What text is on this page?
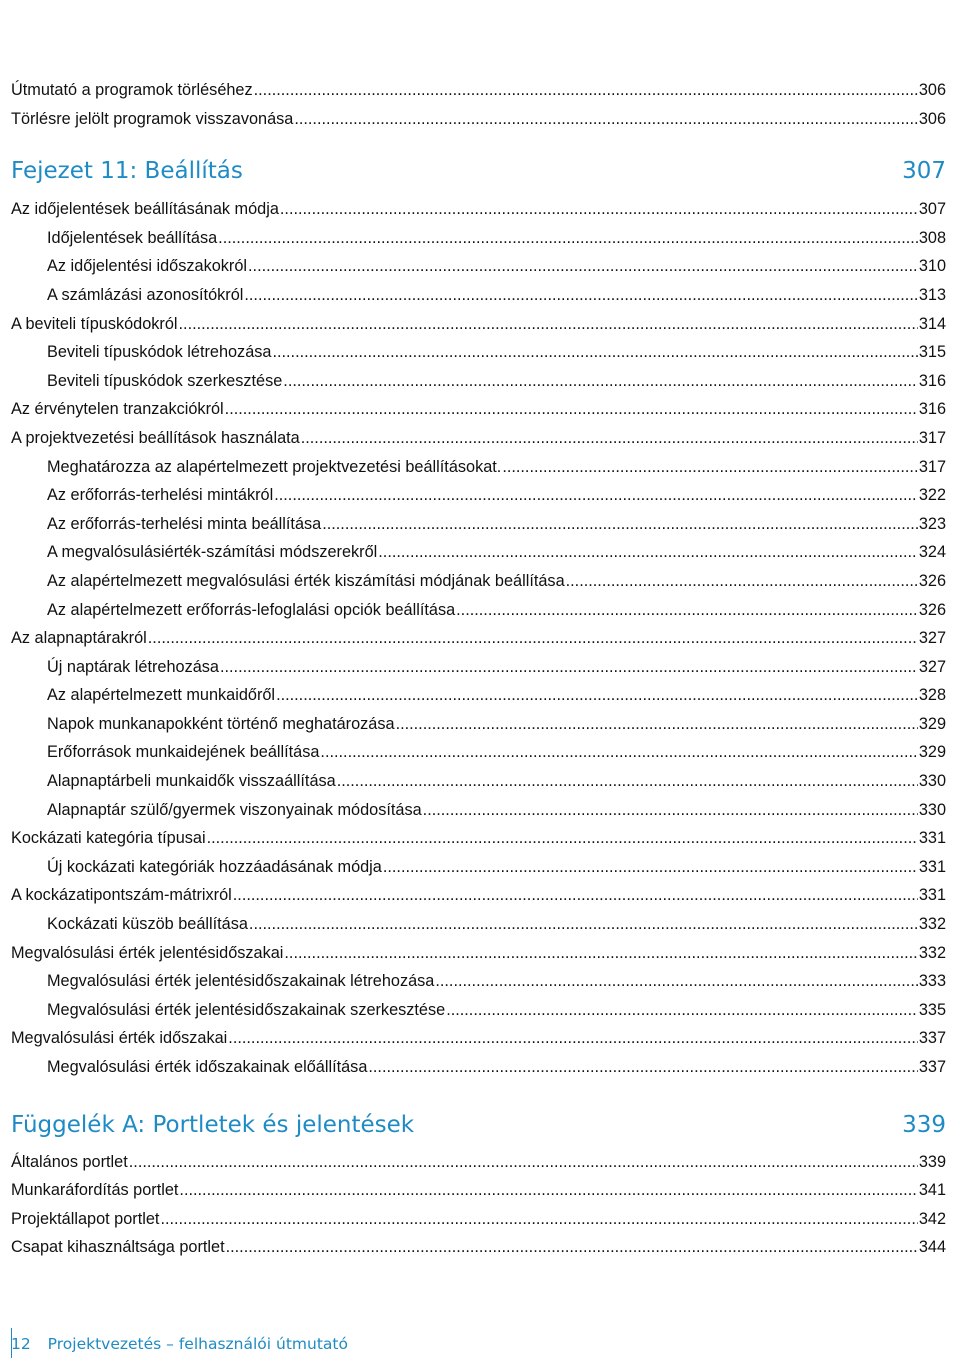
Útmutató a programok törléséhez .....	306
Törlésre jelölt programok visszavonása .....	306
Fejezet 11: Beállítás	307
Az időjelentések beállításának módja .....	307
Időjelentések beállítása .....	308
Az időjelentési időszakokról .....	310
A számlázási azonosítókról .....	313
A beviteli típuskódokról .....	314
Beviteli típuskódok létrehozása .....	315
Beviteli típuskódok szerkesztése .....	316
Az érvénytelen tranzakciókról .....	316
A projektvezetési beállítások használata .....	317
Meghatározza az alapértelmezett projektvezetési beállításokat. .....	317
Az erőforrás-terhelési mintákról .....	322
Az erőforrás-terhelési minta beállítása .....	323
A megvalósulásiérték-számítási módszerekről .....	324
Az alapértelmezett megvalósulási érték kiszámítási módjának beállítása .....	326
Az alapértelmezett erőforrás-lefoglalási opciók beállítása .....	326
Az alapnaptárakról .....	327
Új naptárak létrehozása .....	327
Az alapértelmezett munkaidőről .....	328
Napok munkanapokként történő meghatározása .....	329
Erőforrások munkaidejének beállítása .....	329
Alapnaptárbeli munkaidők visszaállítása .....	330
Alapnaptár szülő/gyermek viszonyainak módosítása .....	330
Kockázati kategória típusai .....	331
Új kockázati kategóriák hozzáadásának módja .....	331
A kockázatipontszám-mátrixról .....	331
Kockázati küszöb beállítása .....	332
Megvalósulási érték jelentésidőszakai .....	332
Megvalósulási érték jelentésidőszakainak létrehozása .....	333
Megvalósulási érték jelentésidőszakainak szerkesztése .....	335
Megvalósulási érték időszakai .....	337
Megvalósulási érték időszakainak előállítása .....	337
Függelék A: Portletek és jelentések	339
Általános portlet .....	339
Munkaráfordítás portlet .....	341
Projektállapot portlet .....	342
Csapat kihasználtsága portlet .....	344
12 Projektvezetés – felhasználói útmutató
